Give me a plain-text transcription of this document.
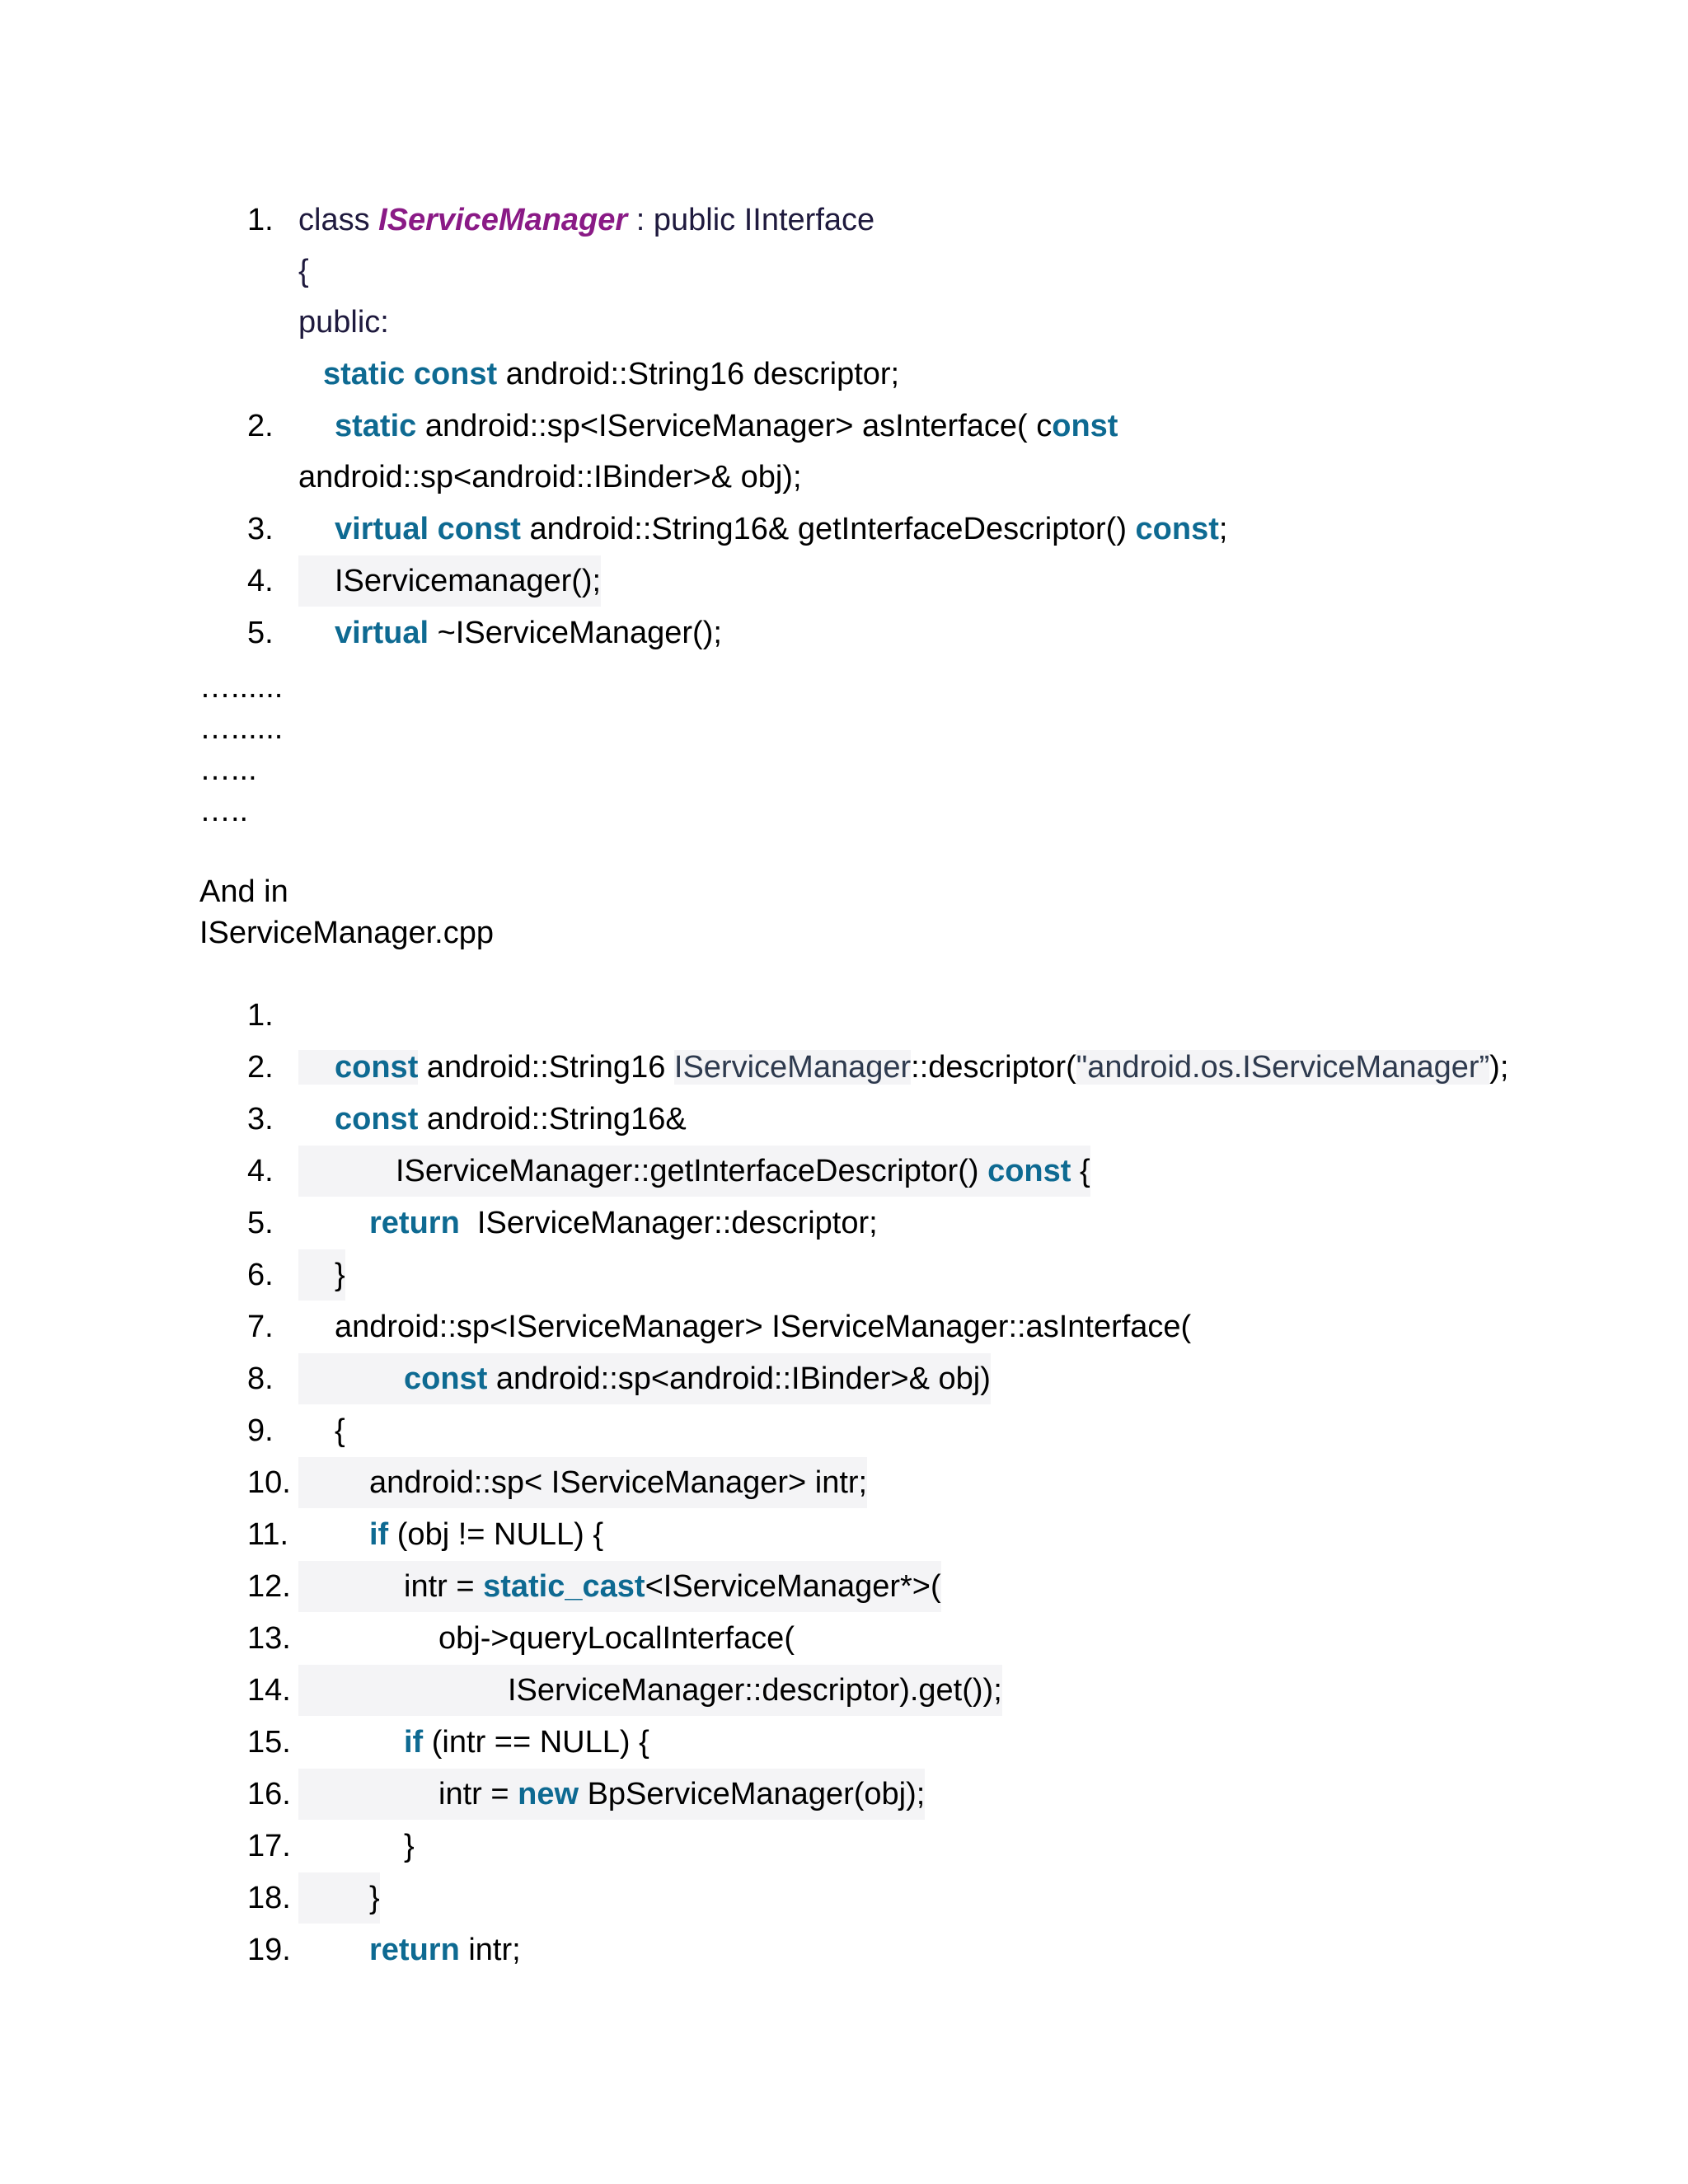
1. class IServiceManager : public IInterface
{
public:
static const android::String16 descriptor;
2. static android::sp<IServiceManager> asInterface( const
android::sp<android::IBinder>& obj);
3. virtual const android::String16& getInterfaceDescriptor() const;
4.	IServicemanager();
5. virtual ~IServiceManager();
…......
…......
…...
…..
And in
IServiceManager.cpp
1.
2.
3.
4.
5.
6.
7.
8.
9.
10.
11.
12.
13.
14.
15.
16.
17.
18.
19.
const android::String16 IServiceManager::descriptor("android.os.IServiceManager”);
const android::String16&
IServiceManager::getInterfaceDescriptor() const {
return  IServiceManager::descriptor;
}
android::sp<IServiceManager> IServiceManager::asInterface(
const android::sp<android::IBinder>& obj)
{
android::sp< IServiceManager> intr;
if (obj != NULL) {
intr = static_cast<IServiceManager*>(
obj->queryLocalInterface(
IServiceManager::descriptor).get());
if (intr == NULL) {
intr = new BpServiceManager(obj);
}
}
return intr;
